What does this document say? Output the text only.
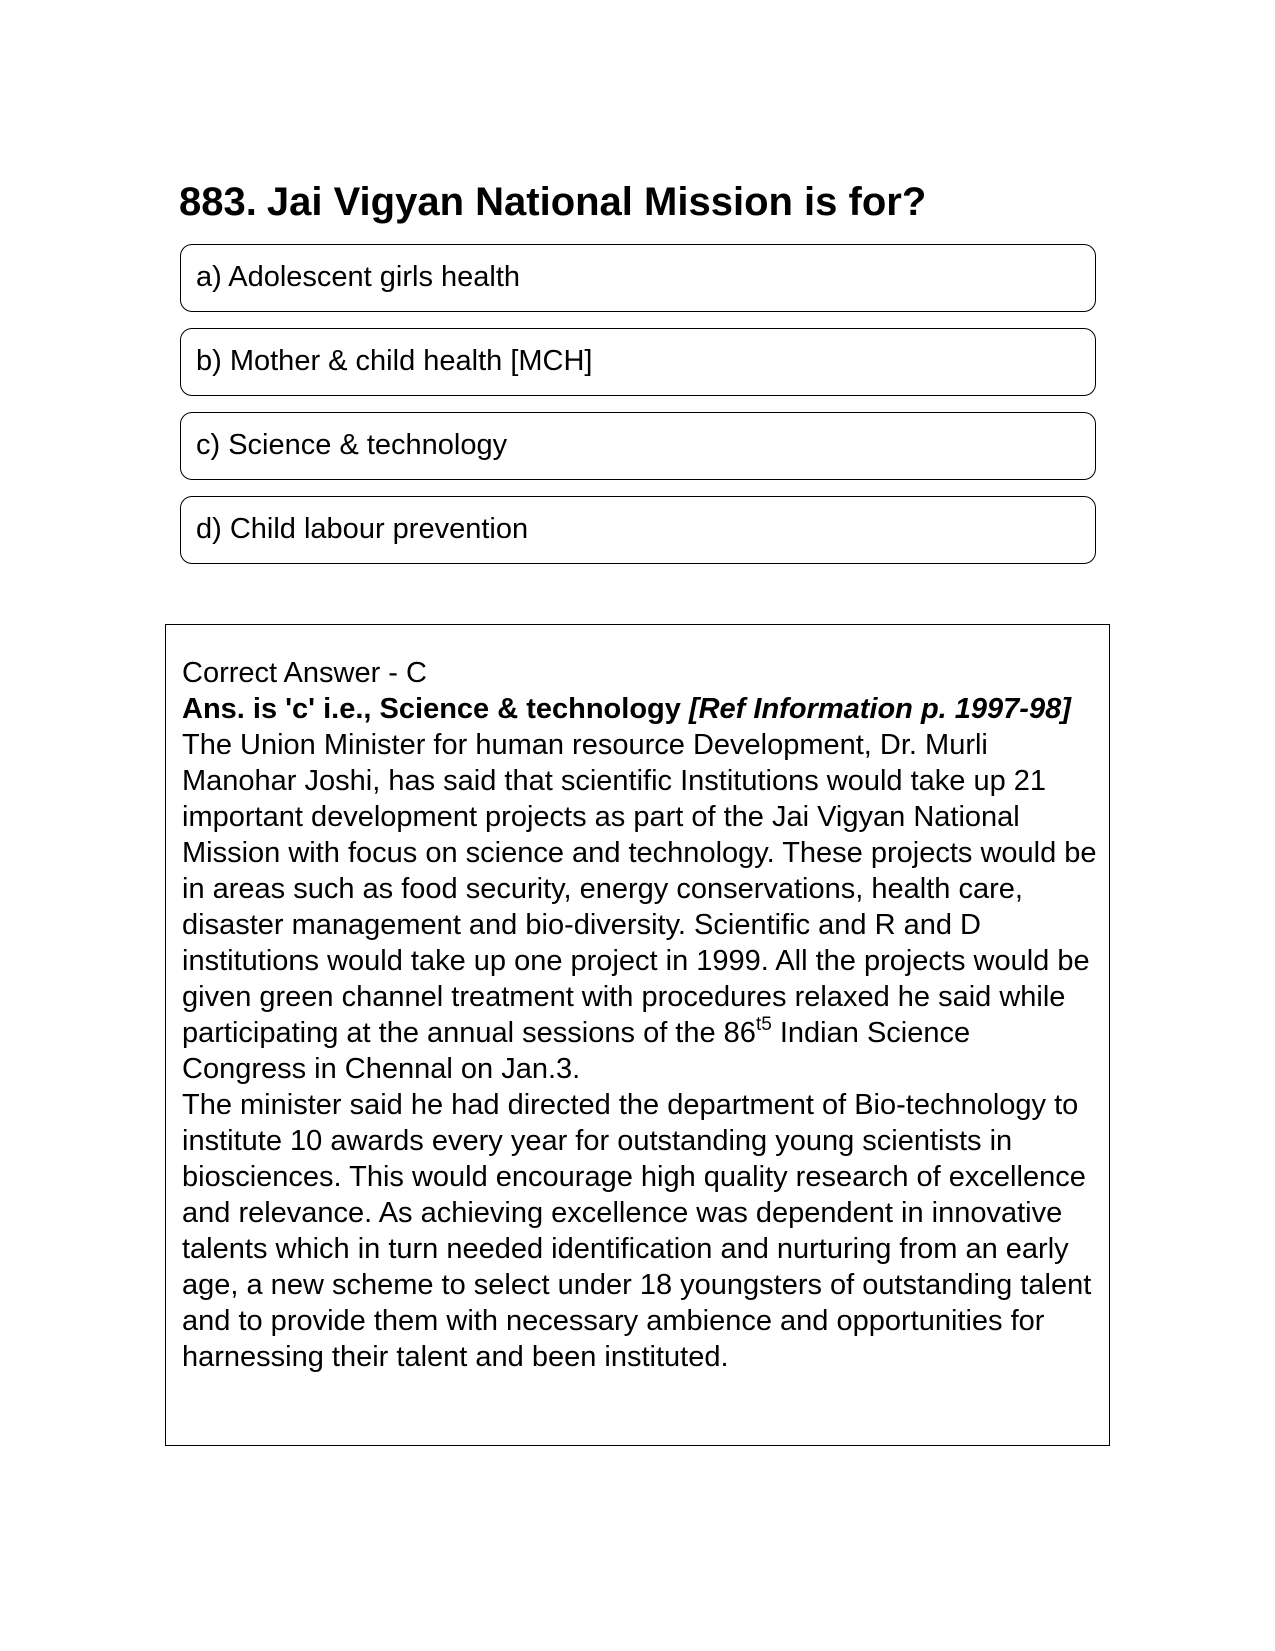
883. Jai Vigyan National Mission is for?
a) Adolescent girls health
b) Mother & child health [MCH]
c) Science & technology
d) Child labour prevention

Correct Answer - C

Ans. is 'c' i.e., Science & technology [Ref Information p. 1997-98]

The Union Minister for human resource Development, Dr. Murli Manohar Joshi, has said that scientific Institutions would take up 21 important development projects as part of the Jai Vigyan National Mission with focus on science and technology. These projects would be in areas such as food security, energy conservations, health care, disaster management and bio-diversity. Scientific and R and D institutions would take up one project in 1999. All the projects would be given green channel treatment with procedures relaxed he said while participating at the annual sessions of the $86^{t5}$ Indian Science Congress in Chennal on Jan.3.

The minister said he had directed the department of Bio-technology to institute 10 awards every year for outstanding young scientists in biosciences. This would encourage high quality research of excellence and relevance. As achieving excellence was dependent in innovative talents which in turn needed identification and nurturing from an early age, a new scheme to select under 18 youngsters of outstanding talent and to provide them with necessary ambience and opportunities for harnessing their talent and been instituted.
